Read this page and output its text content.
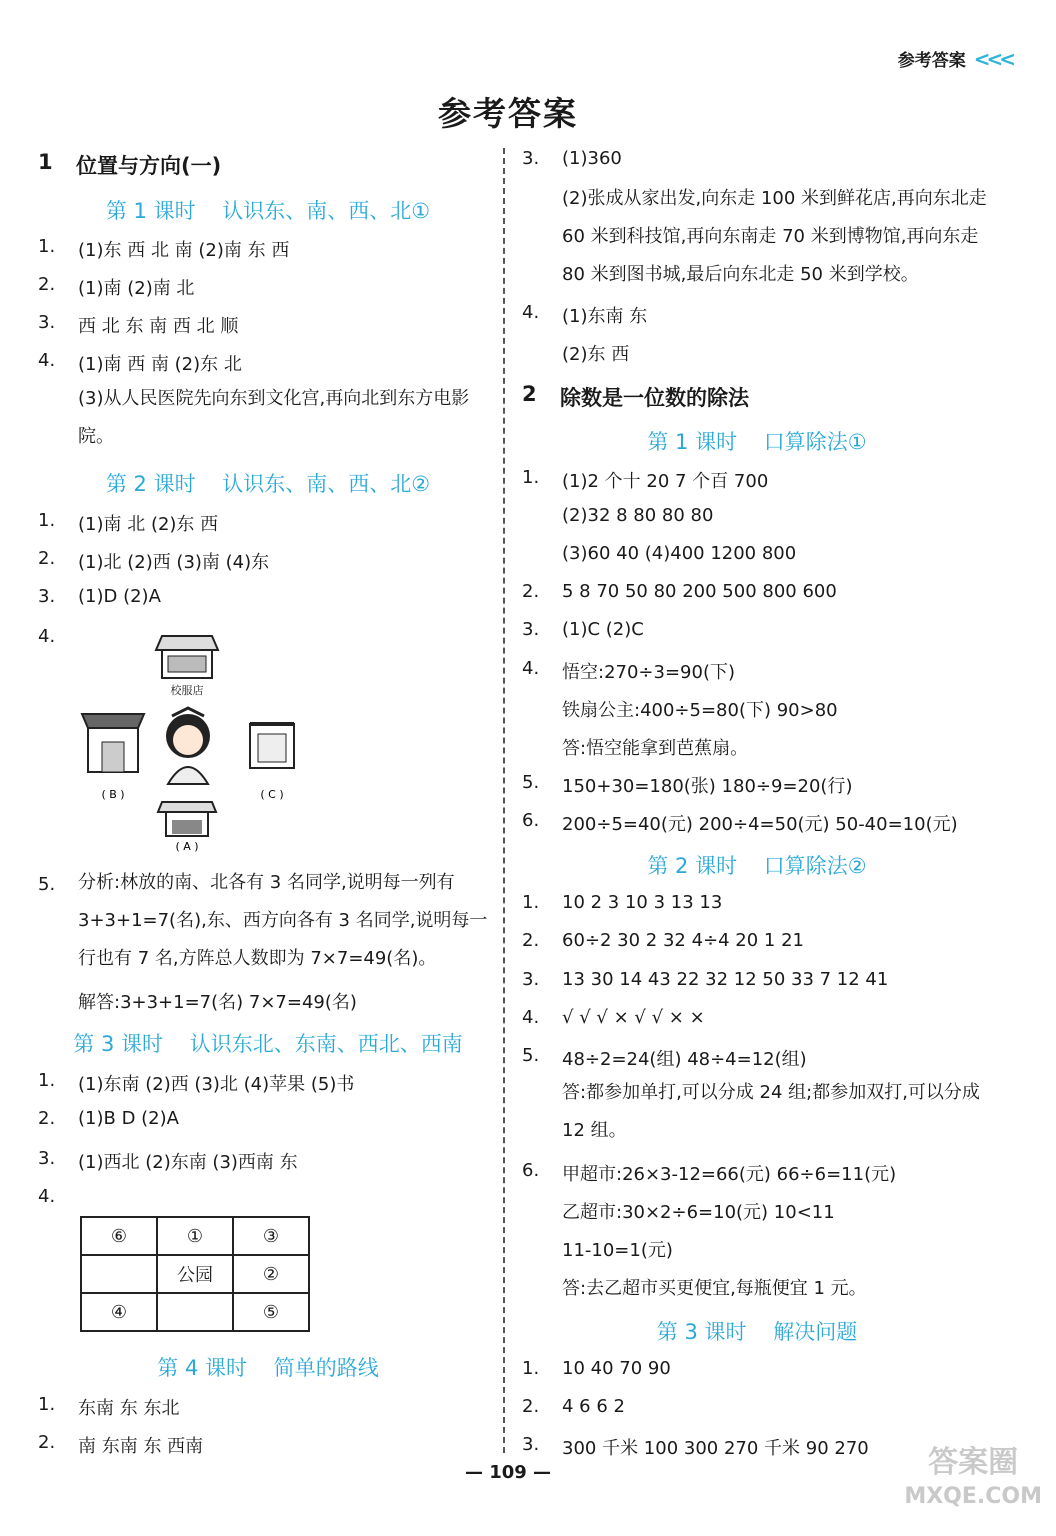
参考答案 <<<
参考答案
1 位置与方向(一)
第 1 课时    认识东、南、西、北①
1. (1)东 西 北 南 (2)南 东 西
2. (1)南 (2)南 北
3. 西 北 东 南 西 北 顺
4. (1)南 西 南 (2)东 北
(3)从人民医院先向东到文化宫,再向北到东方电影院。
第 2 课时    认识东、南、西、北②
1. (1)南 北 (2)东 西
2. (1)北 (2)西 (3)南 (4)东
3. (1)D (2)A
4.
校服店
( B )	( C )
( A )
5. 分析:林放的南、北各有 3 名同学,说明每一列有 3+3+1=7(名),东、西方向各有 3 名同学,说明每一行也有 7 名,方阵总人数即为 7×7=49(名)。
解答:3+3+1=7(名) 7×7=49(名)
第 3 课时    认识东北、东南、西北、西南
1. (1)东南 (2)西 (3)北 (4)苹果 (5)书
2. (1)B D (2)A
3. (1)西北 (2)东南 (3)西南 东
4.
⑥	①	③
	公园	②
④		⑤
第 4 课时    简单的路线
1. 东南 东 东北
2. 南 东南 东 西南
3. (1)360
(2)张成从家出发,向东走 100 米到鲜花店,再向东北走 60 米到科技馆,再向东南走 70 米到博物馆,再向东走 80 米到图书城,最后向东北走 50 米到学校。
4. (1)东南 东
(2)东 西
2 除数是一位数的除法
第 1 课时    口算除法①
1. (1)2 个十 20 7 个百 700
(2)32 8 80 80 80
(3)60 40 (4)400 1200 800
2. 5 8 70 50 80 200 500 800 600
3. (1)C (2)C
4. 悟空:270÷3=90(下)
铁扇公主:400÷5=80(下) 90>80
答:悟空能拿到芭蕉扇。
5. 150+30=180(张) 180÷9=20(行)
6. 200÷5=40(元) 200÷4=50(元) 50-40=10(元)
第 2 课时    口算除法②
1. 10 2 3 10 3 13 13
2. 60÷2 30 2 32 4÷4 20 1 21
3. 13 30 14 43 22 32 12 50 33 7 12 41
4. √ √ √ × √ √ × ×
5. 48÷2=24(组) 48÷4=12(组)
答:都参加单打,可以分成 24 组;都参加双打,可以分成 12 组。
6. 甲超市:26×3-12=66(元) 66÷6=11(元)
乙超市:30×2÷6=10(元) 10<11
11-10=1(元)
答:去乙超市买更便宜,每瓶便宜 1 元。
第 3 课时    解决问题
1. 10 40 70 90
2. 4 6 6 2
3. 300 千米 100 300 270 千米 90 270
— 109 —	答案圈
MXQE.COM
